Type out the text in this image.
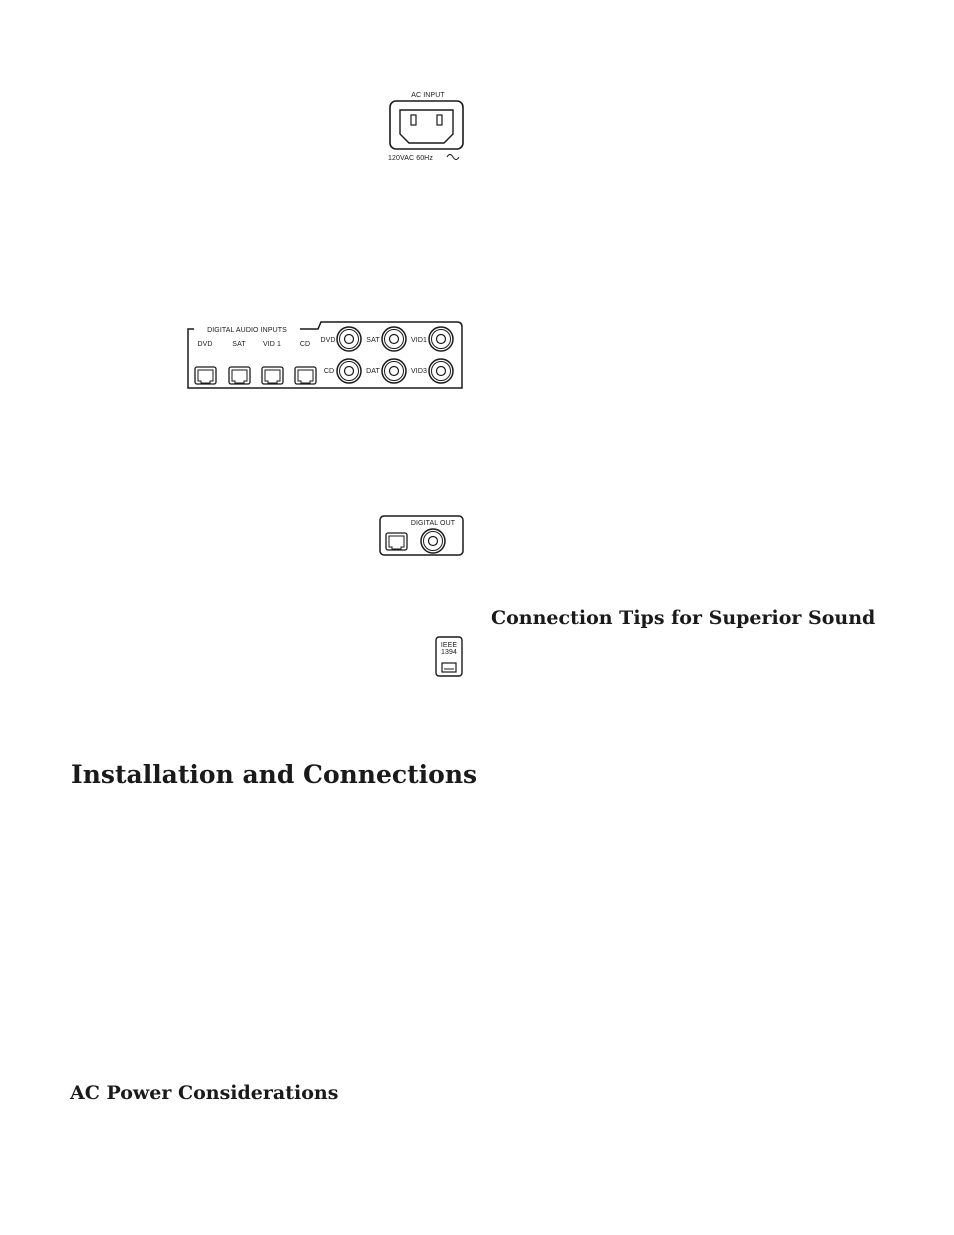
AC INPUT
120VAC 60Hz
DIGITAL AUDIO INPUTS
DVD	SAT VID 1	CD
DVD	SAT	VID1
CD	DAT	VID3
DIGITAL OUT
Connection Tips for Superior Sound
IEEE
1394
Installation and Connections
AC Power Considerations
